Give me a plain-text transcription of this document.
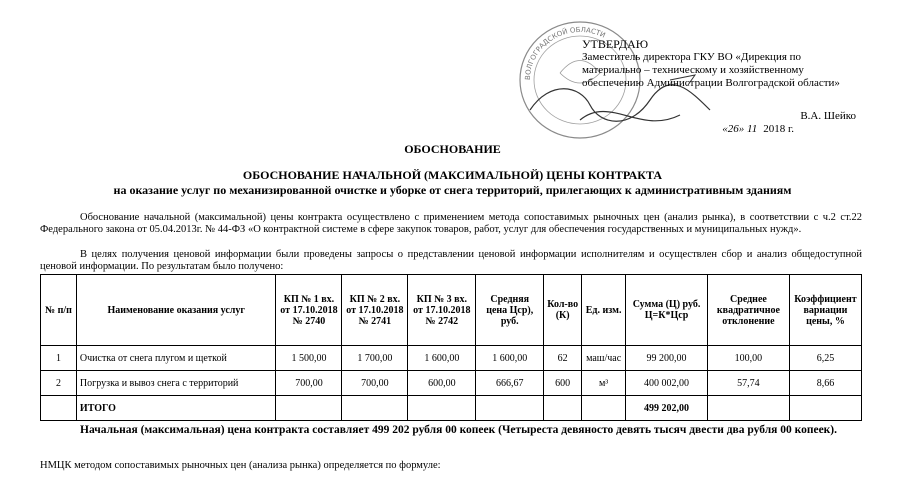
ВОЛГОГРАДСКОЙ ОБЛАСТИ
УТВЕРДАЮ
Заместитель директора ГКУ ВО «Дирекция по
материально – техническому и хозяйственному
обеспечению Администрации Волгоградской области»
В.А. Шейко
«26» 11 2018 г.
ОБОСНОВАНИЕ
ОБОСНОВАНИЕ НАЧАЛЬНОЙ (МАКСИМАЛЬНОЙ) ЦЕНЫ КОНТРАКТА
на оказание услуг по механизированной очистке и уборке от снега территорий, прилегающих к административным зданиям
Обоснование начальной (максимальной) цены контракта осуществлено с применением метода сопоставимых рыночных цен (анализ рынка), в соответствии с ч.2 ст.22 Федерального закона от 05.04.2013г. № 44-ФЗ «О контрактной системе в сфере закупок товаров, работ, услуг для обеспечения государственных и муниципальных нужд».
В целях получения ценовой информации были проведены запросы о представлении ценовой информации исполнителям и осуществлен сбор и анализ общедоступной ценовой информации. По результатам было получено:
№ п/п	Наименование оказания услуг	КП № 1 вх. от 17.10.2018 № 2740	КП № 2 вх. от 17.10.2018 № 2741	КП № 3 вх. от 17.10.2018 № 2742	Средняя цена Цср), руб.	Кол-во (К)	Ед. изм.	Сумма (Ц) руб. Ц=К*Цср	Среднее квадратичное отклонение	Коэффициент вариации цены, %
1	Очистка от снега плугом и щеткой	1 500,00	1 700,00	1 600,00	1 600,00	62	маш/час	99 200,00	100,00	6,25
2	Погрузка и вывоз снега с территорий	700,00	700,00	600,00	666,67	600	м³	400 002,00	57,74	8,66
	ИТОГО							499 202,00		
Начальная (максимальная) цена контракта составляет 499 202 рубля 00 копеек (Четыреста девяносто девять тысяч двести два рубля 00 копеек).
НМЦК методом сопоставимых рыночных цен (анализа рынка) определяется по формуле:
